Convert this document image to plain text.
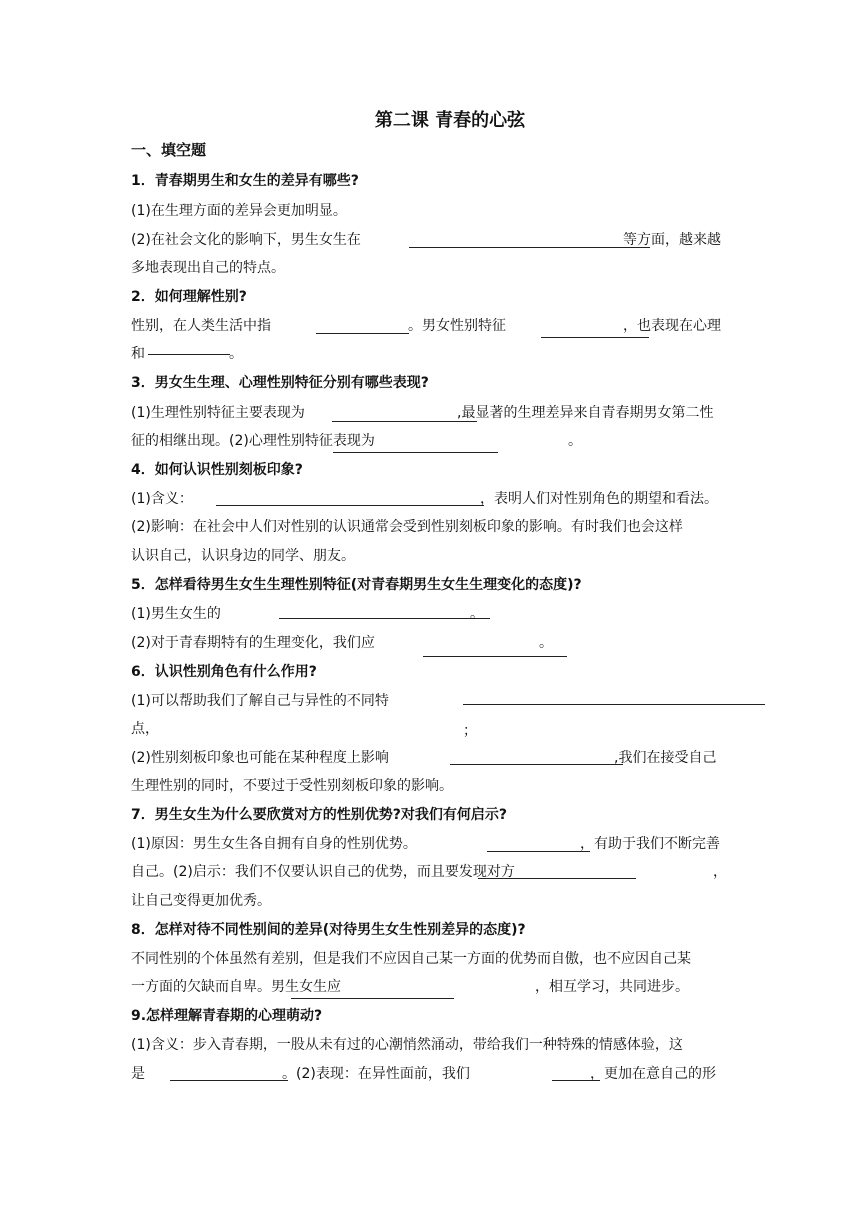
第二课 青春的心弦
一、填空题
1．青春期男生和女生的差异有哪些?
(1)在生理方面的差异会更加明显。
(2)在社会文化的影响下，男生女生在	等方面，越来越
多地表现出自己的特点。
2．如何理解性别?
性别，在人类生活中指	。男女性别特征	，也表现在心理
和	。
3．男女生生理、心理性别特征分别有哪些表现?
(1)生理性别特征主要表现为	,最显著的生理差异来自青春期男女第二性
征的相继出现。(2)心理性别特征表现为	。
4．如何认识性别刻板印象?
(1)含义：	，表明人们对性别角色的期望和看法。
(2)影响：在社会中人们对性别的认识通常会受到性别刻板印象的影响。有时我们也会这样
认识自己，认识身边的同学、朋友。
5．怎样看待男生女生生理性别特征(对青春期男生女生生理变化的态度)?
(1)男生女生的	。
(2)对于青春期特有的生理变化，我们应	。
6．认识性别角色有什么作用?
(1)可以帮助我们了解自己与异性的不同特
点，	；
(2)性别刻板印象也可能在某种程度上影响	,我们在接受自己
生理性别的同时，不要过于受性别刻板印象的影响。
7．男生女生为什么要欣赏对方的性别优势?对我们有何启示?
(1)原因：男生女生各自拥有自身的性别优势。	，有助于我们不断完善
自己。(2)启示：我们不仅要认识自己的优势，而且要发现对方	，
让自己变得更加优秀。
8．怎样对待不同性别间的差异(对待男生女生性别差异的态度)?
不同性别的个体虽然有差别，但是我们不应因自己某一方面的优势而自傲，也不应因自己某
一方面的欠缺而自卑。男生女生应	，相互学习，共同进步。
9.怎样理解青春期的心理萌动?
(1)含义：步入青春期，一股从未有过的心潮悄然涌动，带给我们一种特殊的情感体验，这
是	。(2)表现：在异性面前，我们	，更加在意自己的形
